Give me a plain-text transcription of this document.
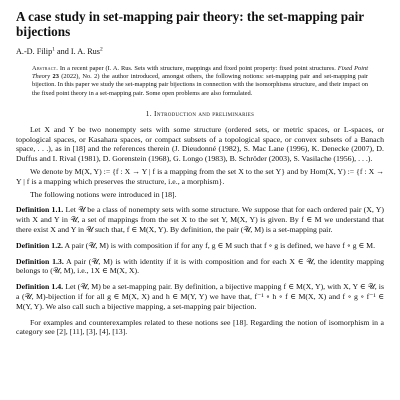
A case study in set-mapping pair theory: the set-mapping pair bijections
A.-D. Filip$^1$ and I. A. Rus$^2$
Abstract. In a recent paper (I. A. Rus. Sets with structure, mappings and fixed point property: fixed point structures. Fixed Point Theory 23 (2022), No. 2) the author introduced, amongst others, the following notions: set-mapping pair and set-mapping pair bijection. In this paper we study the set-mapping pair bijections in connection with the isomorphisms structure, and their impact on the fixed point theory in a set-mapping pair. Some open problems are also formulated.
1. Introduction and preliminaries

Let X and Y be two nonempty sets with some structure (ordered sets, or metric spaces, or L-spaces, or topological spaces, or Kasahara spaces, or compact subsets of a topological space, or convex subsets of a Banach space, . . .), as in [18] and the references therein (J. Dieudonné (1982), S. Mac Lane (1996), K. Denecke (2007), D. Duffus and I. Rival (1981), D. Gorenstein (1968), G. Longo (1983), B. Schröder (2003), S. Vasilache (1956), . . .).

We denote by M(X, Y) := {f : X → Y | f is a mapping from the set X to the set Y} and by Hom(X, Y) := {f : X → Y | f is a mapping which preserves the structure, i.e., a morphism}.

The following notions were introduced in [18].

Definition 1.1. Let 𝒰 be a class of nonempty sets with some structure. We suppose that for each ordered pair (X, Y) with X and Y in 𝒰, a set of mappings from the set X to the set Y, M(X, Y) is given. By f ∈ M we understand that there exist X and Y in 𝒰 such that, f ∈ M(X, Y). By definition, the pair (𝒰, M) is a set-mapping pair.

Definition 1.2. A pair (𝒰, M) is with composition if for any f, g ∈ M such that f ∘ g is defined, we have f ∘ g ∈ M.

Definition 1.3. A pair (𝒰, M) is with identity if it is with composition and for each X ∈ 𝒰, the identity mapping belongs to (𝒰, M), i.e., 1X ∈ M(X, X).

Definition 1.4. Let (𝒰, M) be a set-mapping pair. By definition, a bijective mapping f ∈ M(X, Y), with X, Y ∈ 𝒰, is a (𝒰, M)-bijection if for all g ∈ M(X, X) and h ∈ M(Y, Y) we have that, f⁻¹ ∘ h ∘ f ∈ M(X, X) and f ∘ g ∘ f⁻¹ ∈ M(Y, Y). We also call such a bijective mapping, a set-mapping pair bijection.

For examples and counterexamples related to these notions see [18]. Regarding the notion of isomorphism in a category see [2], [11], [3], [4], [13].
